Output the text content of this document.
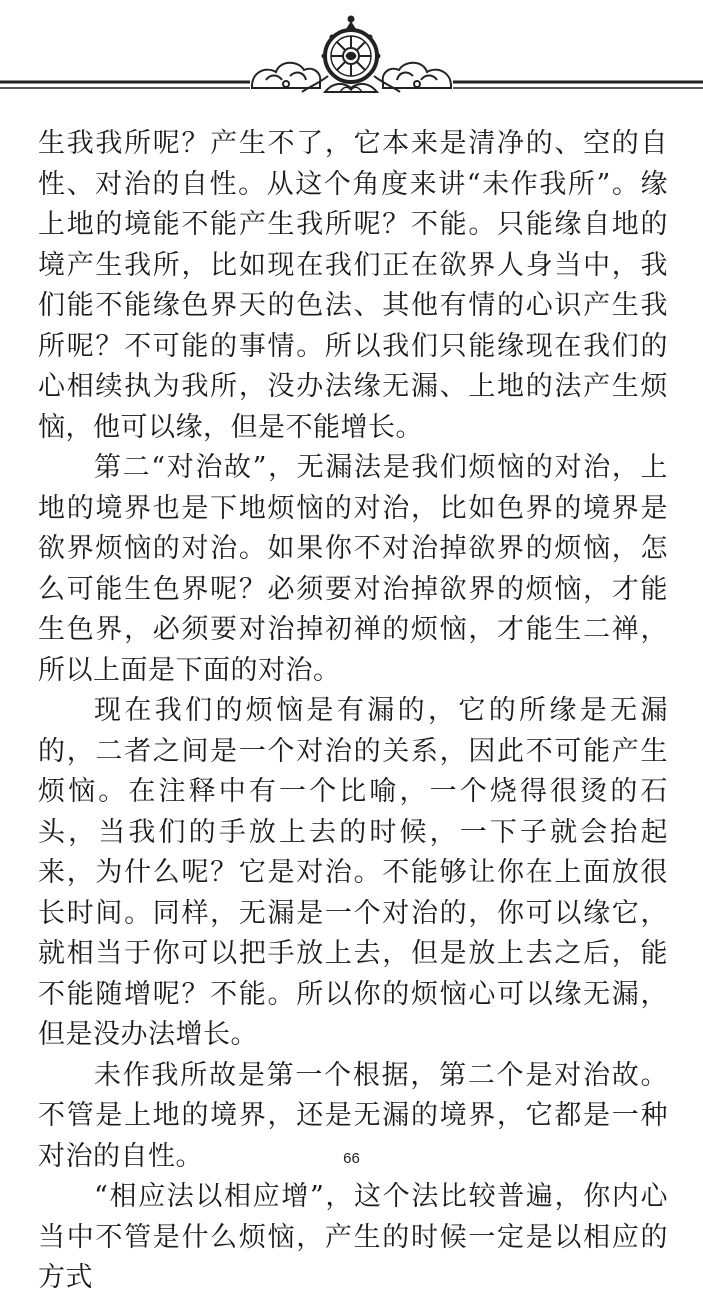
生我我所呢？产生不了，它本来是清净的、空的自性、对治的自性。从这个角度来讲“未作我所”。缘上地的境能不能产生我所呢？不能。只能缘自地的境产生我所，比如现在我们正在欲界人身当中，我们能不能缘色界天的色法、其他有情的心识产生我所呢？不可能的事情。所以我们只能缘现在我们的心相续执为我所，没办法缘无漏、上地的法产生烦恼，他可以缘，但是不能增长。

第二“对治故”，无漏法是我们烦恼的对治，上地的境界也是下地烦恼的对治，比如色界的境界是欲界烦恼的对治。如果你不对治掉欲界的烦恼，怎么可能生色界呢？必须要对治掉欲界的烦恼，才能生色界，必须要对治掉初禅的烦恼，才能生二禅，所以上面是下面的对治。

现在我们的烦恼是有漏的，它的所缘是无漏的，二者之间是一个对治的关系，因此不可能产生烦恼。在注释中有一个比喻，一个烧得很烫的石头，当我们的手放上去的时候，一下子就会抬起来，为什么呢？它是对治。不能够让你在上面放很长时间。同样，无漏是一个对治的，你可以缘它，就相当于你可以把手放上去，但是放上去之后，能不能随增呢？不能。所以你的烦恼心可以缘无漏，但是没办法增长。

未作我所故是第一个根据，第二个是对治故。不管是上地的境界，还是无漏的境界，它都是一种对治的自性。

“相应法以相应增”，这个法比较普遍，你内心当中不管是什么烦恼，产生的时候一定是以相应的方式

66
